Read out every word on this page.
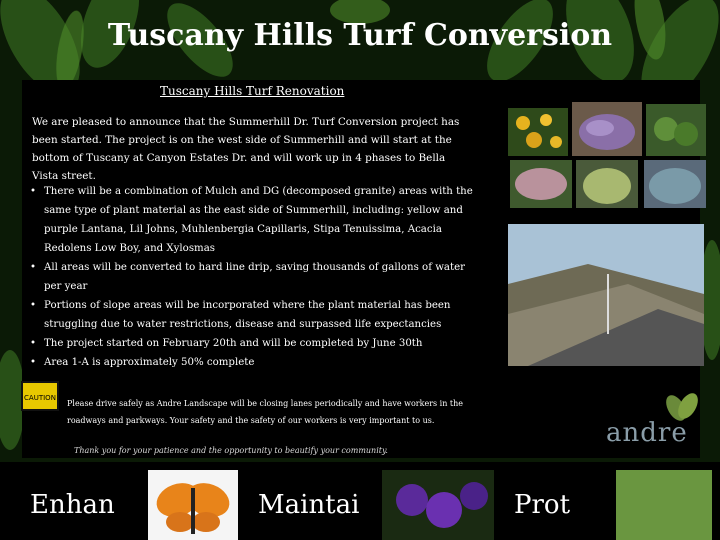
Tuscany Hills Turf Conversion
Tuscany Hills Turf Renovation
We are pleased to announce that the Summerhill Dr. Turf Conversion project has been started. The project is on the west side of Summerhill and will start at the bottom of Tuscany at Canyon Estates Dr. and will work up in 4 phases to Bella Vista street.
• There will be a combination of Mulch and DG (decomposed granite) areas with the same type of plant material as the east side of Summerhill, including: yellow and purple Lantana, Lil Johns, Muhlenbergia Capillaris, Stipa Tenuissima, Acacia Redolens Low Boy, and Xylosmas
• All areas will be converted to hard line drip, saving thousands of gallons of water per year
• Portions of slope areas will be incorporated where the plant material has been struggling due to water restrictions, disease and surpassed life expectancies
• The project started on February 20th and will be completed by June 30th
• Area 1-A is approximately 50% complete
CAUTION
Please drive safely as Andre Landscape will be closing lanes periodically and have workers in the roadways and parkways. Your safety and the safety of our workers is very important to us.	andre
Thank you for your patience and the opportunity to beautify your community.
Enhan	Maintai	Prot
